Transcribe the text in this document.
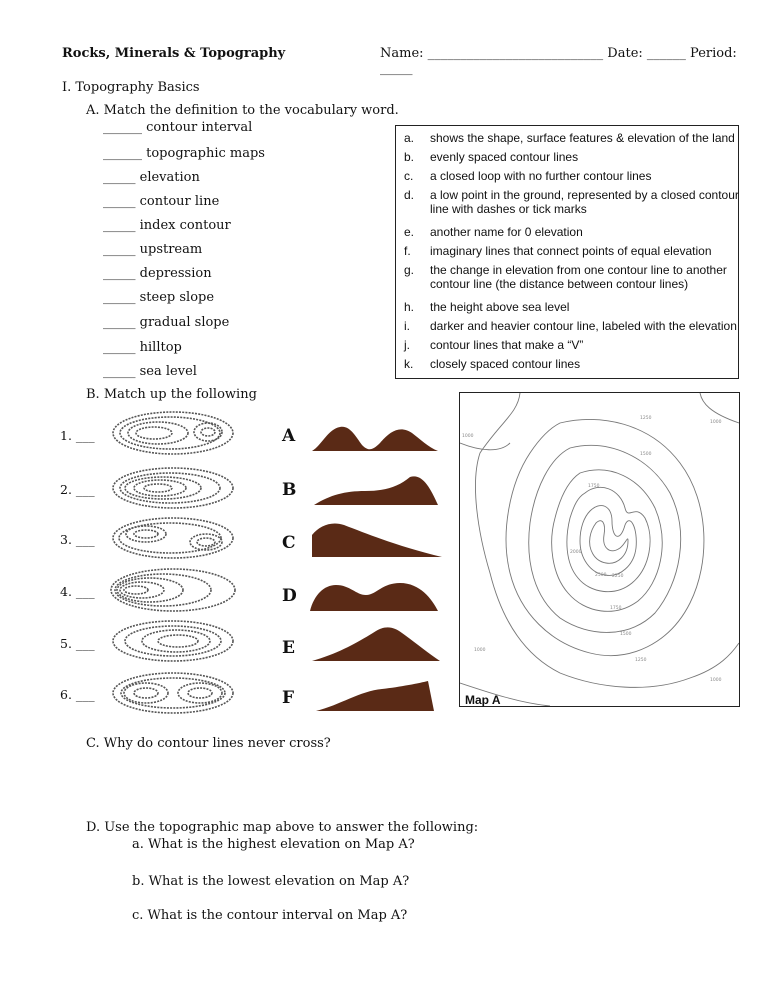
Rocks, Minerals & Topography	Name: ___________________________ Date: ______ Period: _____
I. Topography Basics
A. Match the definition to the vocabulary word.
______ contour interval
______ topographic maps
_____ elevation
_____ contour line
_____ index contour
_____ upstream
_____ depression
_____ steep slope
_____ gradual slope
_____ hilltop
_____ sea level
a.	shows the shape, surface features & elevation of the land
b.	evenly spaced contour lines
c.	a closed loop with no further contour lines
d.	a low point in the ground, represented by a closed contour line with dashes or tick marks
e.	another name for 0 elevation
f.	imaginary lines that connect points of equal elevation
g.	the change in elevation from one contour line to another contour line (the distance between contour lines)
h.	the height above sea level
i.	darker and heavier contour line, labeled with the elevation
j.	contour lines that make a “V”
k.	closely spaced contour lines
B. Match up the following
1. ___
2. ___
3. ___
4. ___
5. ___
6. ___
A
B
C
D
E
F
1000
1000
1250
1500
1750
2000
2250
2500
1750
1500
1250
1000
1000
Map A
C. Why do contour lines never cross?
D. Use the topographic map above to answer the following:
a. What is the highest elevation on Map A?
b. What is the lowest elevation on Map A?
c. What is the contour interval on Map A?
